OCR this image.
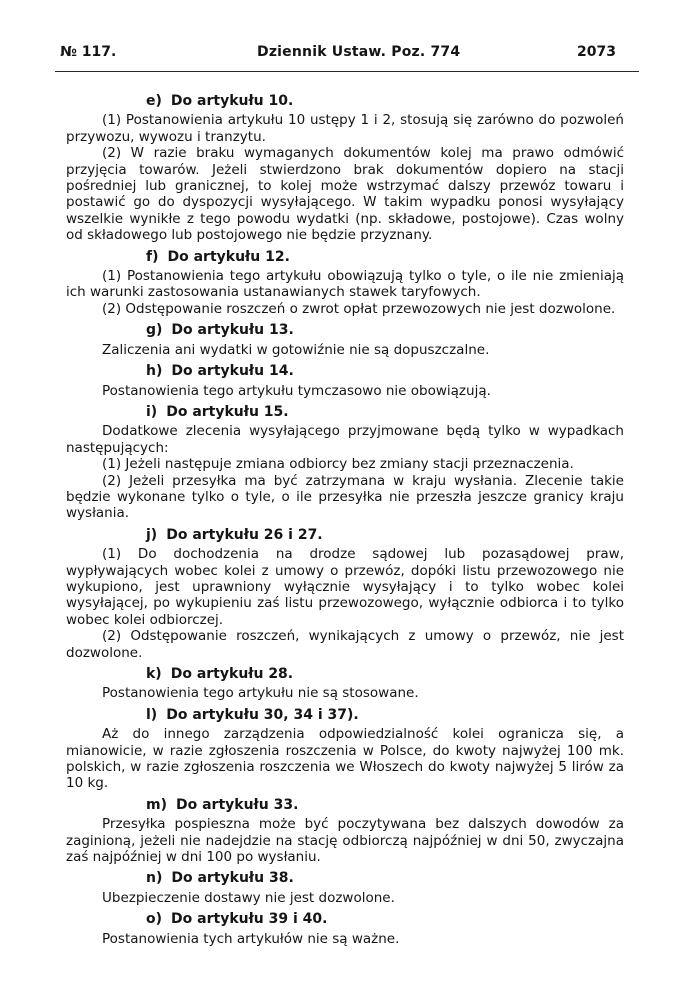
№ 117.	Dziennik Ustaw. Poz. 774	2073
e) Do artykułu 10.

(1) Postanowienia artykułu 10 ustępy 1 i 2, stosują się zarówno do pozwoleń przywozu, wywozu i tranzytu.

(2) W razie braku wymaganych dokumentów kolej ma prawo odmówić przyjęcia towarów. Jeżeli stwierdzono brak dokumentów dopiero na stacji pośredniej lub granicznej, to kolej może wstrzymać dalszy przewóz towaru i postawić go do dyspozycji wysyłającego. W takim wypadku ponosi wysyłający wszelkie wynikłe z tego powodu wydatki (np. składowe, postojowe). Czas wolny od składowego lub postojowego nie będzie przyznany.

f) Do artykułu 12.

(1) Postanowienia tego artykułu obowiązują tylko o tyle, o ile nie zmieniają ich warunki zastosowania ustanawianych stawek taryfowych.

(2) Odstępowanie roszczeń o zwrot opłat przewozowych nie jest dozwolone.

g) Do artykułu 13.

Zaliczenia ani wydatki w gotowiźnie nie są dopuszczalne.

h) Do artykułu 14.

Postanowienia tego artykułu tymczasowo nie obowiązują.

i) Do artykułu 15.

Dodatkowe zlecenia wysyłającego przyjmowane będą tylko w wypadkach następujących:

(1) Jeżeli następuje zmiana odbiorcy bez zmiany stacji przeznaczenia.

(2) Jeżeli przesyłka ma być zatrzymana w kraju wysłania. Zlecenie takie będzie wykonane tylko o tyle, o ile przesyłka nie przeszła jeszcze granicy kraju wysłania.

j) Do artykułu 26 i 27.

(1) Do dochodzenia na drodze sądowej lub pozasądowej praw, wypływających wobec kolei z umowy o przewóz, dopóki listu przewozowego nie wykupiono, jest uprawniony wyłącznie wysyłający i to tylko wobec kolei wysyłającej, po wykupieniu zaś listu przewozowego, wyłącznie odbiorca i to tylko wobec kolei odbiorczej.

(2) Odstępowanie roszczeń, wynikających z umowy o przewóz, nie jest dozwolone.

k) Do artykułu 28.

Postanowienia tego artykułu nie są stosowane.

l) Do artykułu 30, 34 i 37).

Aż do innego zarządzenia odpowiedzialność kolei ogranicza się, a mianowicie, w razie zgłoszenia roszczenia w Polsce, do kwoty najwyżej 100 mk. polskich, w razie zgłoszenia roszczenia we Włoszech do kwoty najwyżej 5 lirów za 10 kg.

m) Do artykułu 33.

Przesyłka pospieszna może być poczytywana bez dalszych dowodów za zaginioną, jeżeli nie nadejdzie na stację odbiorczą najpóźniej w dni 50, zwyczajna zaś najpóźniej w dni 100 po wysłaniu.

n) Do artykułu 38.

Ubezpieczenie dostawy nie jest dozwolone.

o) Do artykułu 39 i 40.

Postanowienia tych artykułów nie są ważne.
